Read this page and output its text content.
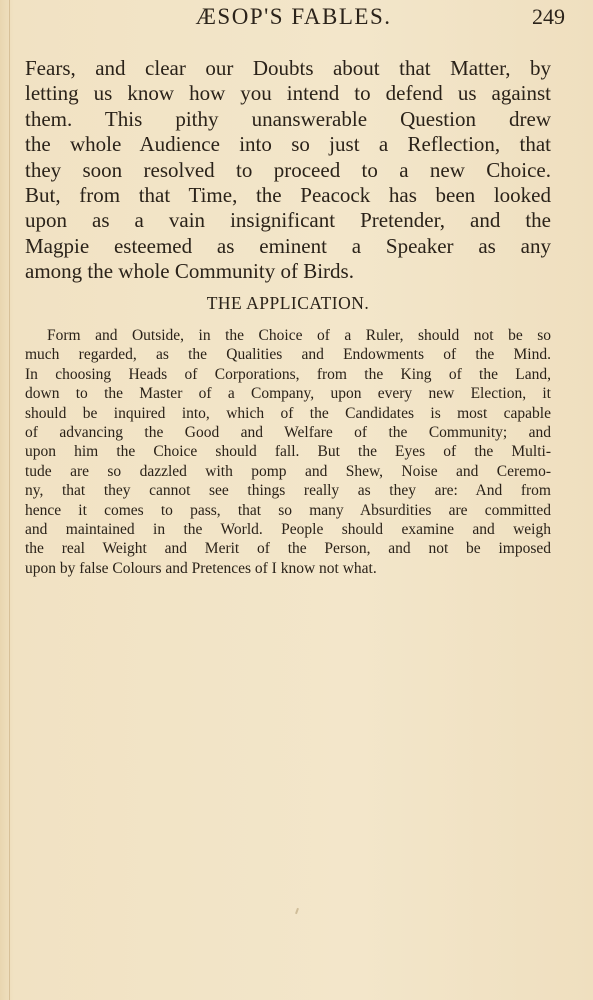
ÆSOP'S FABLES.	249
Fears, and clear our Doubts about that Matter, by
letting us know how you intend to defend us against
them. This pithy unanswerable Question drew
the whole Audience into so just a Reflection, that
they soon resolved to proceed to a new Choice.
But, from that Time, the Peacock has been looked
upon as a vain insignificant Pretender, and the
Magpie esteemed as eminent a Speaker as any
among the whole Community of Birds.
THE APPLICATION.
Form and Outside, in the Choice of a Ruler, should not be so
much regarded, as the Qualities and Endowments of the Mind.
In choosing Heads of Corporations, from the King of the Land,
down to the Master of a Company, upon every new Election, it
should be inquired into, which of the Candidates is most capable
of advancing the Good and Welfare of the Community; and
upon him the Choice should fall. But the Eyes of the Multi-
tude are so dazzled with pomp and Shew, Noise and Ceremo-
ny, that they cannot see things really as they are: And from
hence it comes to pass, that so many Absurdities are committed
and maintained in the World. People should examine and weigh
the real Weight and Merit of the Person, and not be imposed
upon by false Colours and Pretences of I know not what.
